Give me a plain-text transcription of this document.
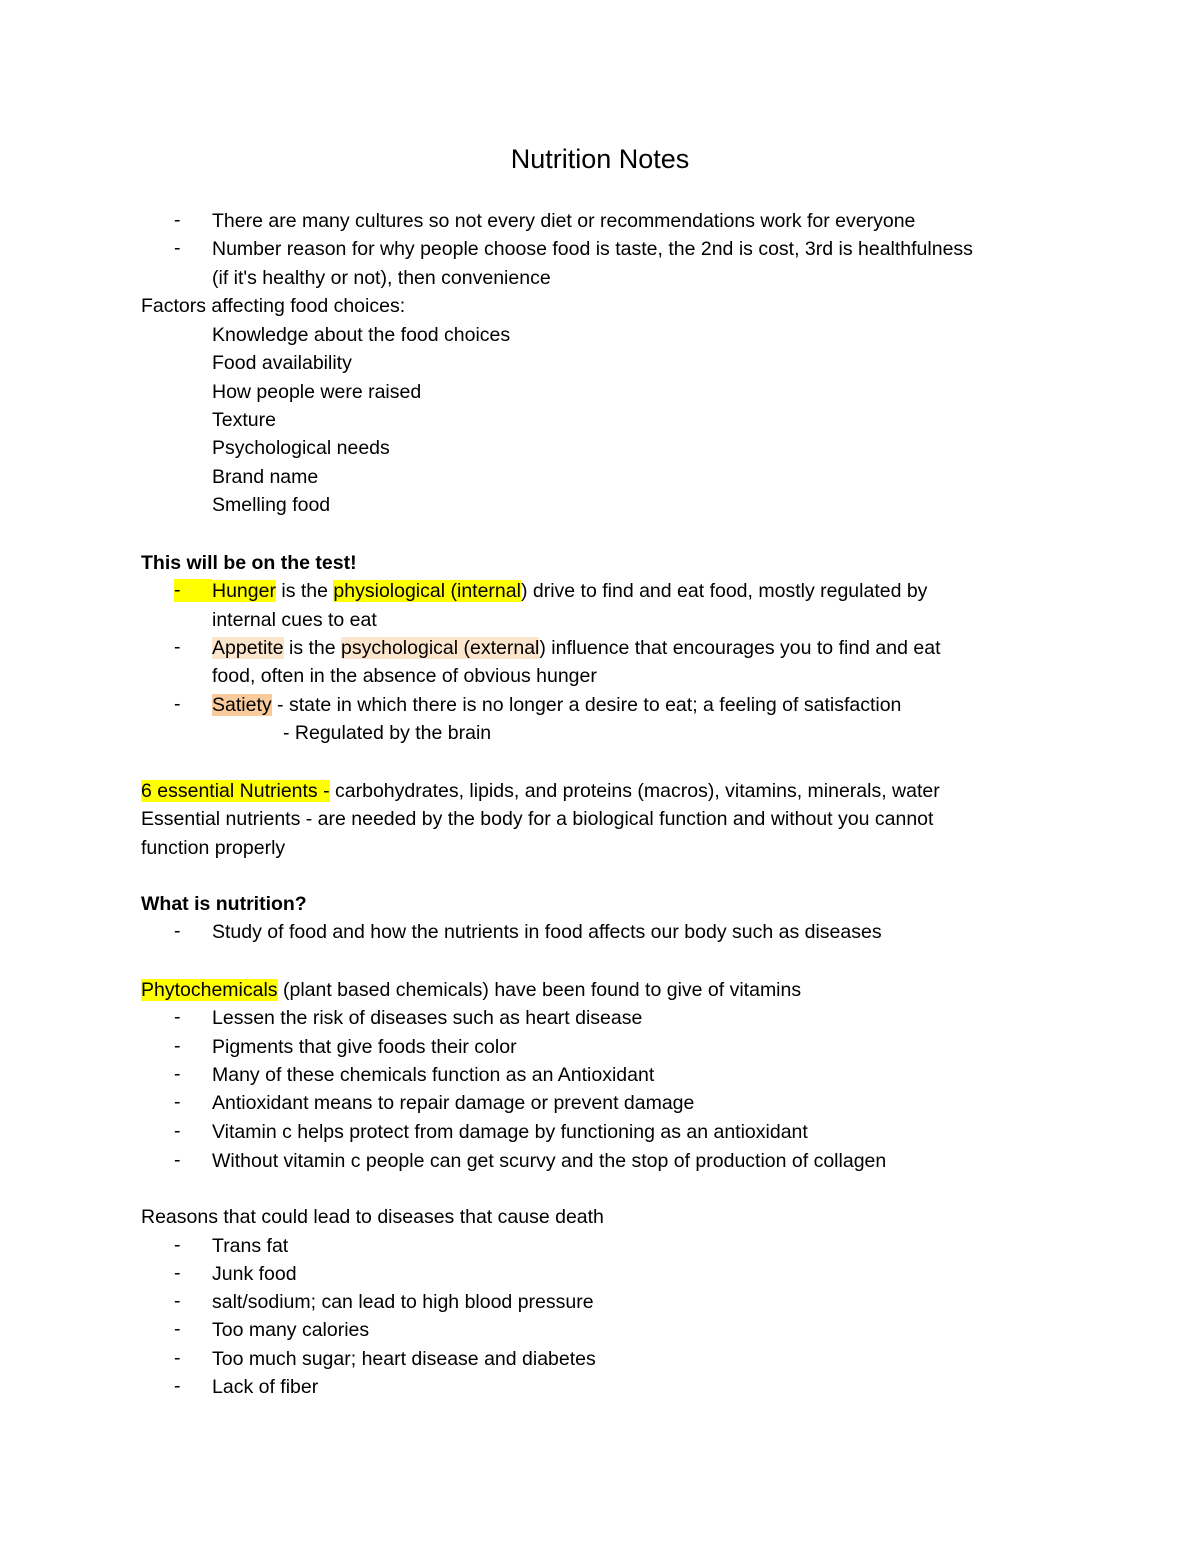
Nutrition Notes
- There are many cultures so not every diet or recommendations work for everyone
- Number reason for why people choose food is taste, the 2nd is cost, 3rd is healthfulness
(if it's healthy or not), then convenience
Factors affecting food choices:
Knowledge about the food choices
Food availability
How people were raised
Texture
Psychological needs
Brand name
Smelling food
This will be on the test!
-	Hunger is the physiological (internal) drive to find and eat food, mostly regulated by
internal cues to eat
- Appetite is the psychological (external) influence that encourages you to find and eat
food, often in the absence of obvious hunger
- Satiety - state in which there is no longer a desire to eat; a feeling of satisfaction
- Regulated by the brain
6 essential Nutrients - carbohydrates, lipids, and proteins (macros), vitamins, minerals, water
Essential nutrients - are needed by the body for a biological function and without you cannot
function properly
What is nutrition?
- Study of food and how the nutrients in food affects our body such as diseases
Phytochemicals (plant based chemicals) have been found to give of vitamins
- Lessen the risk of diseases such as heart disease
- Pigments that give foods their color
- Many of these chemicals function as an Antioxidant
- Antioxidant means to repair damage or prevent damage
- Vitamin c helps protect from damage by functioning as an antioxidant
- Without vitamin c people can get scurvy and the stop of production of collagen
Reasons that could lead to diseases that cause death
- Trans fat
- Junk food
- salt/sodium; can lead to high blood pressure
- Too many calories
- Too much sugar; heart disease and diabetes
- Lack of fiber
